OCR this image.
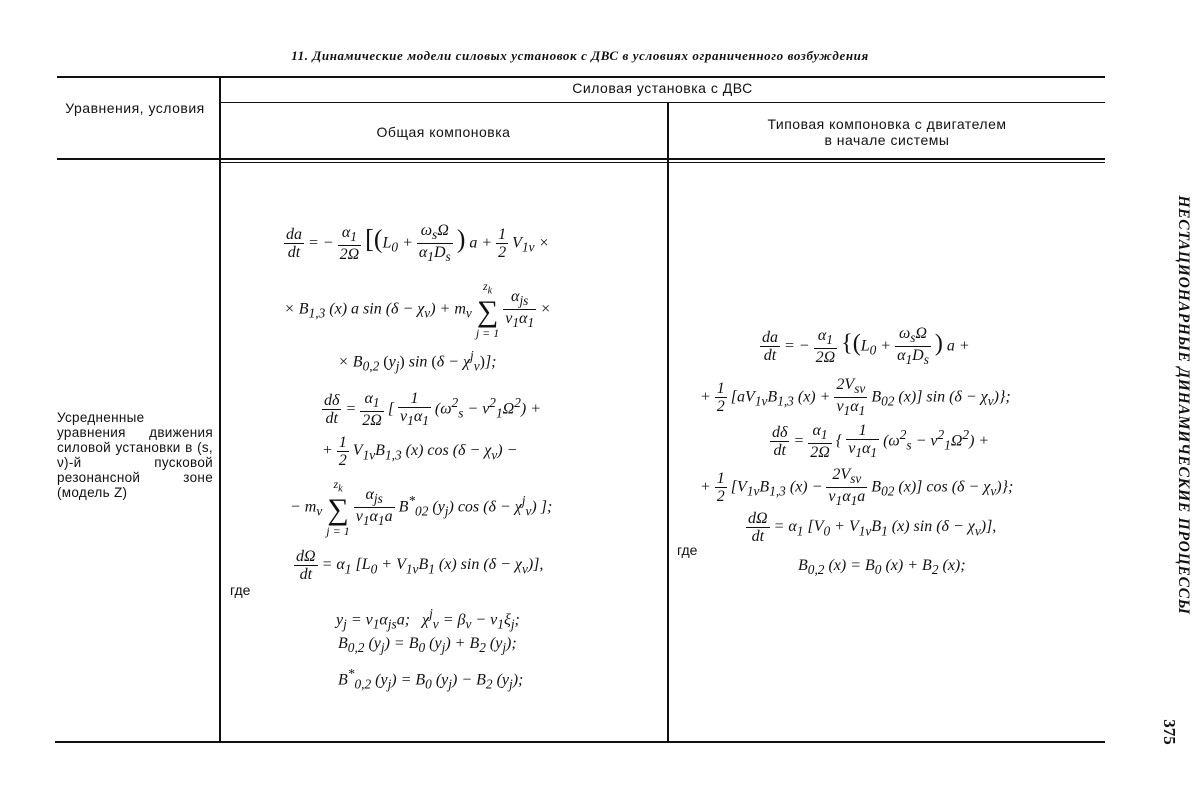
11. Динамические модели силовых установок с ДВС в условиях ограниченного возбуждения
Уравнения, условия
Силовая установка с ДВС
Общая компоновка	Типовая компоновка с двигателем
в начале системы
Усредненные уравнения движения силовой установки в (s, ν)-й пусковой резонансной зоне (модель Z)
$\frac{da}{dt}$ = − $\frac{\alpha_1}{2\Omega} [(L_0 + \frac{\omega_s\Omega}{\alpha_1D_s}$ ) $a + \frac{1}{2} V_{1\nu}$ ×
× $B_{1,3}$ (x) a $\sin (\delta - \chi_\nu) + m_\nu$ $z_k$
∑
j = 1
$\frac{\alpha_{js}}{\nu_1\alpha_1}$ ×
× $B_{0,2}$ $(y_j)$ $\sin (\delta - \chi^j_\nu)$];
$\frac{d\delta}{dt} = \frac{\alpha_1}{2\Omega}$ [ $\frac{1}{\nu_1\alpha_1} (\omega^2_s - \nu^2_1\Omega^2)$ +
+ $\frac{1}{2} V_{1\nu}B_{1,3}$ (x) $\cos (\delta - \chi_\nu)$ −
− $m_\nu$ $z_k$
∑
j = 1
$\frac{\alpha_{js}}{\nu_1\alpha_1a} B^*_{02}$ $(y_j)$ $\cos (\delta - \chi^j_\nu)$ ];
$\frac{d\Omega}{dt} = \alpha_1$ [$L_0 + V_{1\nu}B_1$ (x) $\sin (\delta - \chi_\nu)$],
где
$y_j = \nu_1\alpha_{js}a$;   $\chi^j_\nu = \beta_\nu - \nu_1\xi_j$;
$B_{0,2}$ $(y_j) = B_0$ $(y_j) + B_2$ $(y_j)$;
$B^*_{0,2}$ $(y_j) = B_0$ $(y_j) - B_2$ $(y_j)$;
$\frac{da}{dt}$ = − $\frac{\alpha_1}{2\Omega} \{(L_0 + \frac{\omega_s\Omega}{\alpha_1D_s}$ ) a +
+ $\frac{1}{2} [aV_{1\nu}B_{1,3}$ $(x) + \frac{2V_{s\nu}}{\nu_1\alpha_1} B_{02}$ (x)] $\sin (\delta - \chi_\nu)$};
$\frac{d\delta}{dt} = \frac{\alpha_1}{2\Omega}$ { $\frac{1}{\nu_1\alpha_1} (\omega^2_s - \nu^2_1\Omega^2)$ +
+ $\frac{1}{2} [V_{1\nu}B_{1,3}$ $(x) - \frac{2V_{s\nu}}{\nu_1\alpha_1a} B_{02}$ (x)] $\cos (\delta - \chi_\nu)$};
$\frac{d\Omega}{dt} = \alpha_1$ [$V_0 + V_{1\nu}B_1$ (x) $\sin (\delta - \chi_\nu)$],
где
$B_{0,2}$ $(x) = B_0$ $(x) + B_2$ (x);	НЕСТАЦИОНАРНЫЕ ДИНАМИЧЕСКИЕ ПРОЦЕССЫ
375
